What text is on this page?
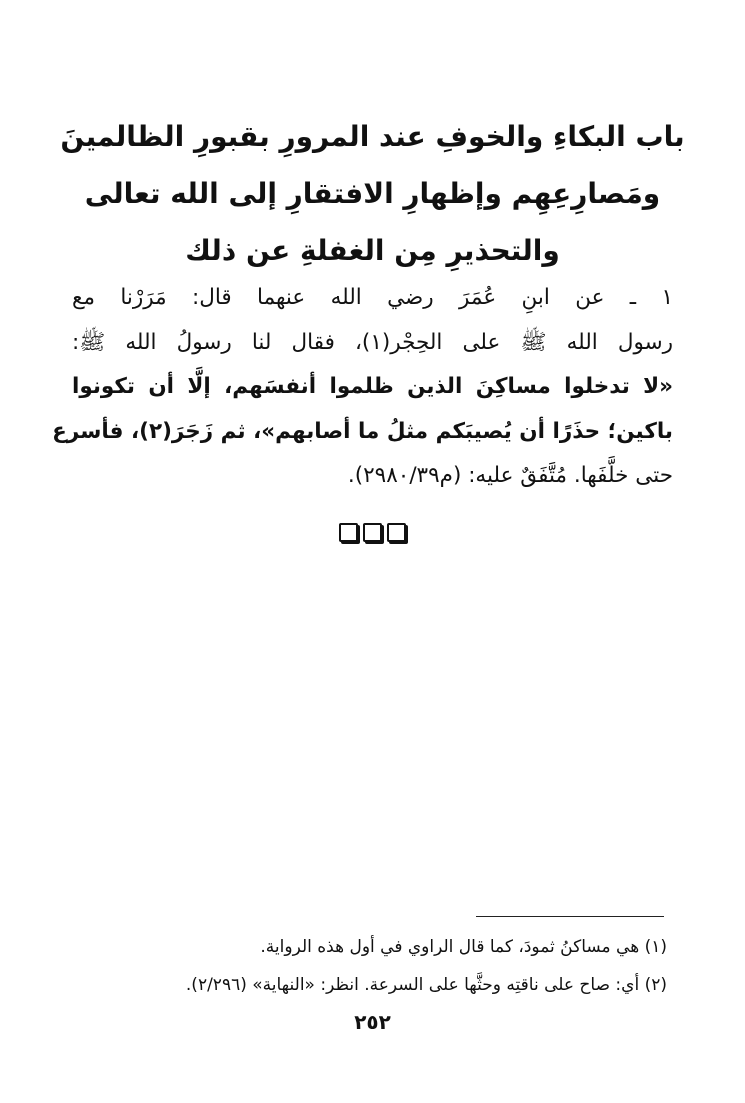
باب البكاءِ والخوفِ عند المرورِ بقبورِ الظالمينَ
ومَصارِعِهِم وإظهارِ الافتقارِ إلى الله تعالى
والتحذيرِ مِن الغفلةِ عن ذلك
١ ـ عن ابنِ عُمَرَ رضي الله عنهما قال: مَرَرْنا مع
رسول الله ﷺ على الحِجْر(١)، فقال لنا رسولُ الله ﷺ:
«لا تدخلوا مساكِنَ الذين ظلموا أنفسَهم، إلَّا أن تكونوا
باكين؛ حذَرًا أن يُصيبَكم مثلُ ما أصابهم»، ثم زَجَرَ(٢)، فأسرع
حتى خلَّفَها. مُتَّفَقٌ عليه: (م٢٩٨٠/٣٩).
(١) هي مساكنُ ثمودَ، كما قال الراوي في أول هذه الرواية.
(٢) أي: صاح على ناقتِه وحثَّها على السرعة. انظر: «النهاية» (٢/٢٩٦).
٢٥٢
